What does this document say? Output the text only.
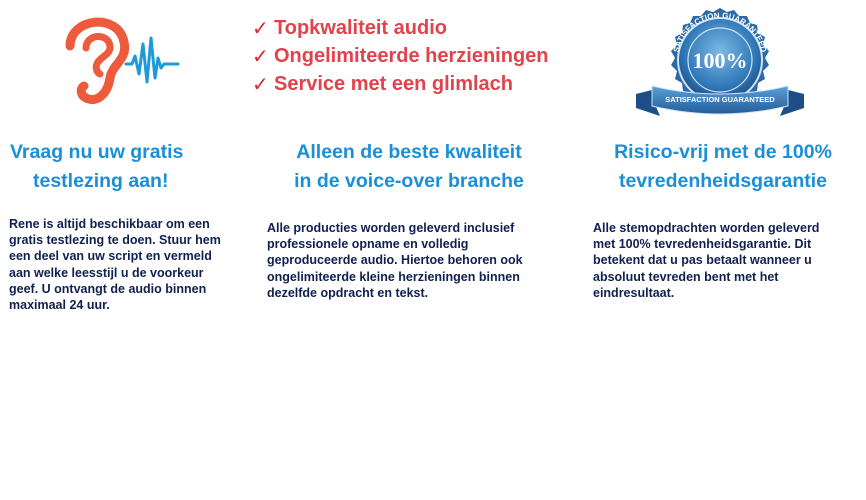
✓ Topkwaliteit audio
✓ Ongelimiteerde herzieningen
✓ Service met een glimlach
SATISFACTION GUARANTEED
100%
SATISFACTION GUARANTEED
Vraag nu uw gratis
testlezing aan!

Rene is altijd beschikbaar om een
gratis testlezing te doen. Stuur hem
een deel van uw script en vermeld
aan welke leesstijl u de voorkeur
geef. U ontvangt de audio binnen
maximaal 24 uur.

Alleen de beste kwaliteit
in de voice-over branche

Alle producties worden geleverd inclusief
professionele opname en volledig
geproduceerde audio. Hiertoe behoren ook
ongelimiteerde kleine herzieningen binnen
dezelfde opdracht en tekst.

Risico-vrij met de 100%
tevredenheidsgarantie

Alle stemopdrachten worden geleverd
met 100% tevredenheidsgarantie. Dit
betekent dat u pas betaalt wanneer u
absoluut tevreden bent met het
eindresultaat.
